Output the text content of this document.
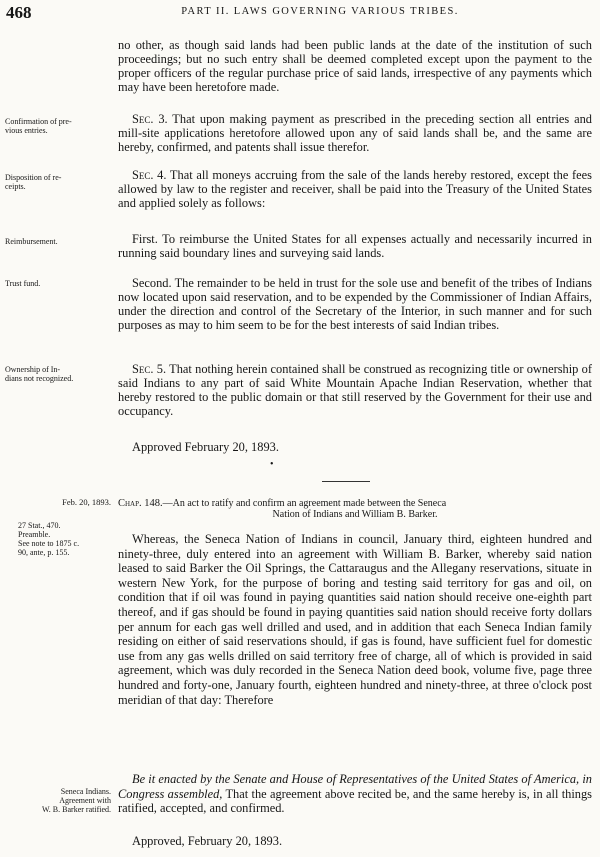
468	PART II. LAWS GOVERNING VARIOUS TRIBES.

no other, as though said lands had been public lands at the date of the institution of such proceedings; but no such entry shall be deemed completed except upon the payment to the proper officers of the regular purchase price of said lands, irrespective of any payments which may have been heretofore made.

Confirmation of pre-
vious entries.

Sec. 3. That upon making payment as prescribed in the preceding section all entries and mill-site applications heretofore allowed upon any of said lands shall be, and the same are hereby, confirmed, and patents shall issue therefor.

Disposition of re-
ceipts.

Sec. 4. That all moneys accruing from the sale of the lands hereby restored, except the fees allowed by law to the register and receiver, shall be paid into the Treasury of the United States and applied solely as follows:

Reimbursement.	First. To reimburse the United States for all expenses actually and necessarily incurred in running said boundary lines and surveying said lands.

Trust fund.	Second. The remainder to be held in trust for the sole use and benefit of the tribes of Indians now located upon said reservation, and to be expended by the Commissioner of Indian Affairs, under the direction and control of the Secretary of the Interior, in such manner and for such purposes as may to him seem to be for the best interests of said Indian tribes.

Ownership of In-
dians not recognized.

Sec. 5. That nothing herein contained shall be construed as recognizing title or ownership of said Indians to any part of said White Mountain Apache Indian Reservation, whether that hereby restored to the public domain or that still reserved by the Government for their use and occupancy.

Approved February 20, 1893.

•
Feb. 20, 1893. Chap. 148.—An act to ratify and confirm an agreement made between the Seneca
Nation of Indians and William B. Barker.
27 Stat., 470.
Preamble.
See note to 1875 c.
90, ante, p. 155.

Whereas, the Seneca Nation of Indians in council, January third, eighteen hundred and ninety-three, duly entered into an agreement with William B. Barker, whereby said nation leased to said Barker the Oil Springs, the Cattaraugus and the Allegany reservations, situate in western New York, for the purpose of boring and testing said territory for gas and oil, on condition that if oil was found in paying quantities said nation should receive one-eighth part thereof, and if gas should be found in paying quantities said nation should receive forty dollars per annum for each gas well drilled and used, and in addition that each Seneca Indian family residing on either of said reservations should, if gas is found, have sufficient fuel for domestic use from any gas wells drilled on said territory free of charge, all of which is provided in said agreement, which was duly recorded in the Seneca Nation deed book, volume five, page three hundred and forty-one, January fourth, eighteen hundred and ninety-three, at three o'clock post meridian of that day: Therefore

Seneca Indians.
Agreement with
W. B. Barker ratified.

Be it enacted by the Senate and House of Representatives of the United States of America, in Congress assembled, That the agreement above recited be, and the same hereby is, in all things ratified, accepted, and confirmed.

Approved, February 20, 1893.
